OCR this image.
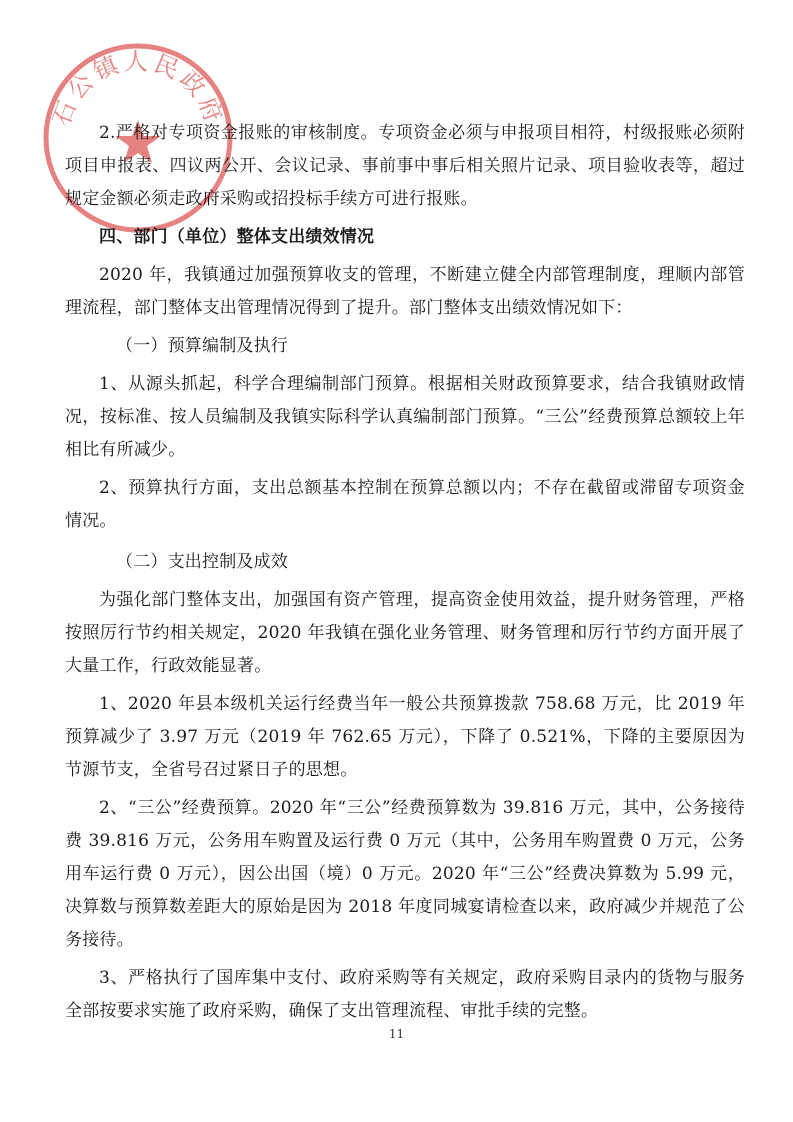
石公镇人民政府

2.严格对专项资金报账的审核制度。专项资金必须与申报项目相符，村级报账必须附项目申报表、四议两公开、会议记录、事前事中事后相关照片记录、项目验收表等，超过规定金额必须走政府采购或招投标手续方可进行报账。

四、部门（单位）整体支出绩效情况

2020 年，我镇通过加强预算收支的管理，不断建立健全内部管理制度，理顺内部管理流程，部门整体支出管理情况得到了提升。部门整体支出绩效情况如下：

（一）预算编制及执行

1、从源头抓起，科学合理编制部门预算。根据相关财政预算要求，结合我镇财政情况，按标准、按人员编制及我镇实际科学认真编制部门预算。“三公”经费预算总额较上年相比有所减少。

2、预算执行方面，支出总额基本控制在预算总额以内；不存在截留或滞留专项资金情况。

（二）支出控制及成效

为强化部门整体支出，加强国有资产管理，提高资金使用效益，提升财务管理，严格按照厉行节约相关规定，2020 年我镇在强化业务管理、财务管理和厉行节约方面开展了大量工作，行政效能显著。

1、2020 年县本级机关运行经费当年一般公共预算拨款 758.68 万元，比 2019 年预算减少了 3.97 万元（2019 年 762.65 万元），下降了 0.521%，下降的主要原因为节源节支，全省号召过紧日子的思想。

2、“三公”经费预算。2020 年“三公”经费预算数为 39.816 万元，其中，公务接待费 39.816 万元，公务用车购置及运行费 0 万元（其中，公务用车购置费 0 万元，公务用车运行费 0 万元），因公出国（境）0 万元。2020 年“三公”经费决算数为 5.99 元，决算数与预算数差距大的原始是因为 2018 年度同城宴请检查以来，政府减少并规范了公务接待。

3、严格执行了国库集中支付、政府采购等有关规定，政府采购目录内的货物与服务全部按要求实施了政府采购，确保了支出管理流程、审批手续的完整。

11
